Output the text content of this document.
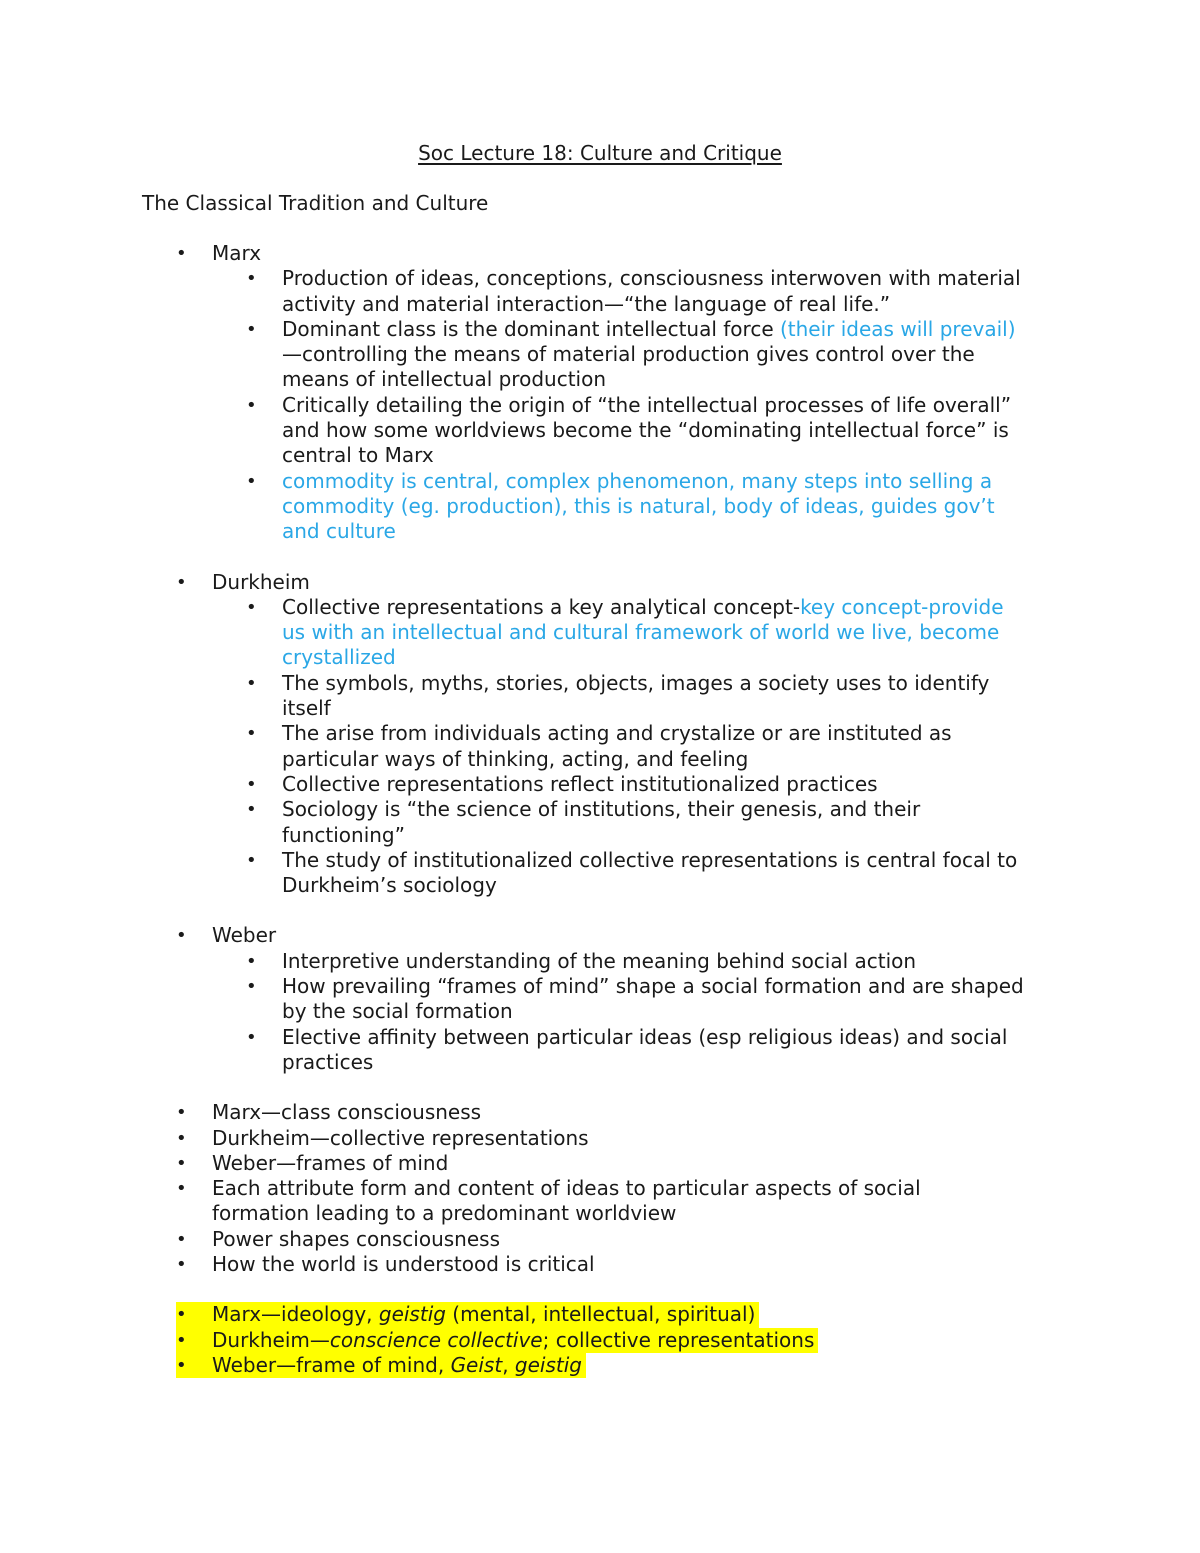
Soc Lecture 18: Culture and Critique
The Classical Tradition and Culture
• Marx
• Production of ideas, conceptions, consciousness interwoven with material activity and material interaction—“the language of real life.”
• Dominant class is the dominant intellectual force (their ideas will prevail)—controlling the means of material production gives control over the means of intellectual production
• Critically detailing the origin of “the intellectual processes of life overall” and how some worldviews become the “dominating intellectual force” is central to Marx
• commodity is central, complex phenomenon, many steps into selling a commodity (eg. production), this is natural, body of ideas, guides gov’t and culture
• Durkheim
• Collective representations a key analytical concept-key concept-provide us with an intellectual and cultural framework of world we live, become crystallized
• The symbols, myths, stories, objects, images a society uses to identify itself
• The arise from individuals acting and crystalize or are instituted as particular ways of thinking, acting, and feeling
• Collective representations reflect institutionalized practices
• Sociology is “the science of institutions, their genesis, and their functioning”
• The study of institutionalized collective representations is central focal to Durkheim’s sociology
• Weber
• Interpretive understanding of the meaning behind social action
• How prevailing “frames of mind” shape a social formation and are shaped by the social formation
• Elective affinity between particular ideas (esp religious ideas) and social practices
• Marx—class consciousness
• Durkheim—collective representations
• Weber—frames of mind
• Each attribute form and content of ideas to particular aspects of social formation leading to a predominant worldview
• Power shapes consciousness
• How the world is understood is critical
• Marx—ideology, geistig (mental, intellectual, spiritual)
• Durkheim—conscience collective; collective representations
• Weber—frame of mind, Geist, geistig
